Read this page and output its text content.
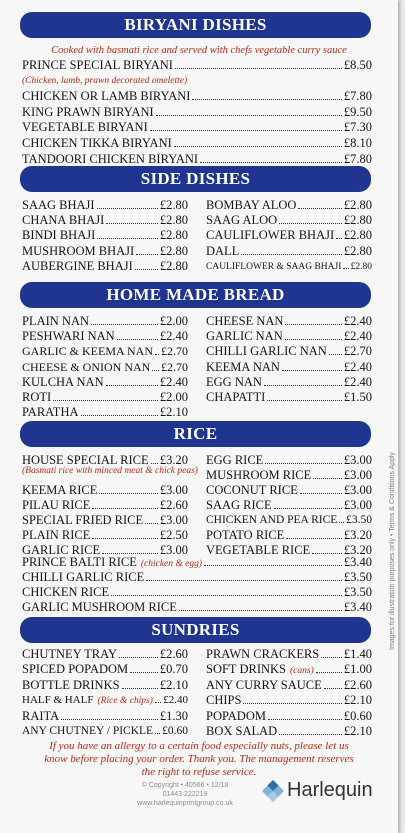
BIRYANI DISHES
Cooked with basmati rice and served with chefs vegetable curry sauce
PRINCE SPECIAL BIRYANI	£8.50
CHICKEN OR LAMB BIRYANI	£7.80
KING PRAWN BIRYANI	£9.50
VEGETABLE BIRYANI	£7.30
CHICKEN TIKKA BIRYANI	£8.10
TANDOORI CHICKEN BIRYANI	£7.80
(Chicken, lamb, prawn decorated omelette)
SIDE DISHES
SAAG BHAJI	£2.80
CHANA BHAJI	£2.80
BINDI BHAJI	£2.80
MUSHROOM BHAJI £2.80
AUBERGINE BHAJI £2.80
BOMBAY ALOO	£2.80
SAAG ALOO	£2.80
CAULIFLOWER BHAJI £2.80
DALL	£2.80
CAULIFLOWER & SAAG BHAJI £2.80
HOME MADE BREAD
PLAIN NAN	£2.00
PESHWARI NAN	£2.40
GARLIC & KEEMA NAN £2.70
CHEESE & ONION NAN £2.70
KULCHA NAN	£2.40
ROTI	£2.00
PARATHA	£2.10
CHEESE NAN	£2.40
GARLIC NAN	£2.40
CHILLI GARLIC NAN £2.70
KEEMA NAN	£2.40
EGG NAN	£2.40
CHAPATTI	£1.50
RICE
HOUSE SPECIAL RICE £3.20
KEEMA RICE	£3.00
PILAU RICE	£2.60
SPECIAL FRIED RICE £3.00
PLAIN RICE	£2.50
GARLIC RICE	£3.00
(Basmati rice with minced meat & chick peas)
EGG RICE	£3.00
MUSHROOM RICE	£3.00
COCONUT RICE	£3.00
SAAG RICE	£3.00
CHICKEN AND PEA RICE £3.50
POTATO RICE	£3.20
VEGETABLE RICE	£3.20
PRINCE BALTI RICE (chicken & egg)	£3.40
CHILLI GARLIC RICE	£3.50
CHICKEN RICE	£3.50
GARLIC MUSHROOM RICE	£3.40
SUNDRIES
CHUTNEY TRAY	£2.60
SPICED POPADOM	£0.70
BOTTLE DRINKS	£2.10
HALF & HALF (Rice & chips) £2.40
RAITA	£1.30
ANY CHUTNEY / PICKLE £0.60
PRAWN CRACKERS £1.40
SOFT DRINKS (cans) £1.00
ANY CURRY SAUCE £2.60
CHIPS	£2.10
POPADOM	£0.60
BOX SALAD	£2.10
If you have an allergy to a certain food especially nuts, please let us know before placing your order. Thank you. The management reserves the right to refuse service.
© Copyright • 40566 • 12/18
01443 222219
www.harlequinprintgroup.co.uk
Harlequin
Images for illustration purposes only • Terms & Conditions Apply
